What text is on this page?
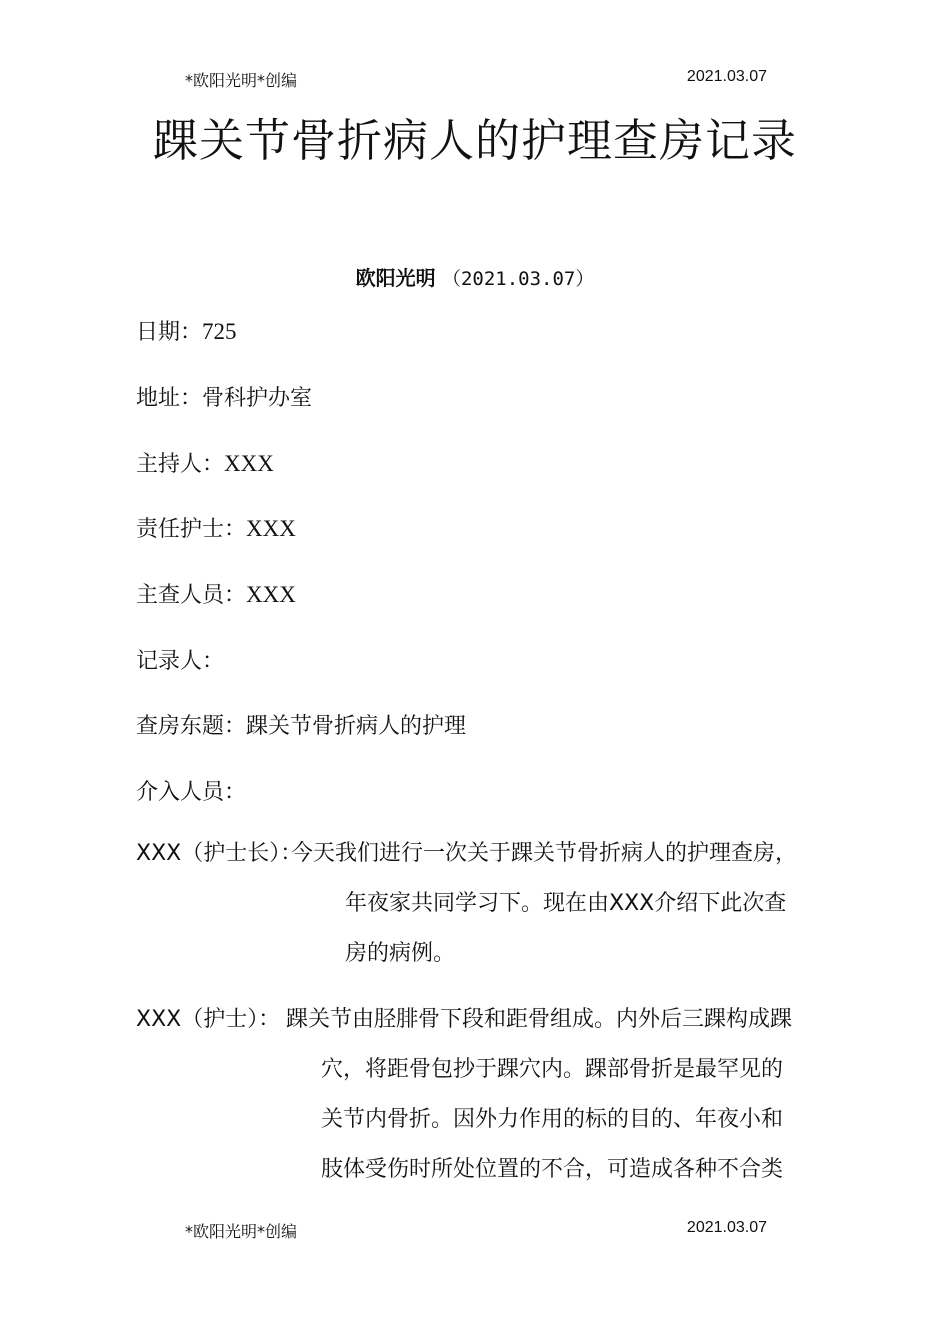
*欧阳光明*创编	2021.03.07
踝关节骨折病人的护理查房记录
欧阳光明 （2021.03.07）
日期：725
地址：骨科护办室
主持人：XXX
责任护士：XXX
主查人员：XXX
记录人：
查房东题：踝关节骨折病人的护理
介入人员：
XXX（护士长）：
今天我们进行一次关于踝关节骨折病人的护理查房，
年夜家共同学习下。现在由XXX介绍下此次查
房的病例。
XXX（护士）： 踝关节由胫腓骨下段和距骨组成。内外后三踝构成踝
穴，将距骨包抄于踝穴内。踝部骨折是最罕见的
关节内骨折。因外力作用的标的目的、年夜小和
肢体受伤时所处位置的不合，可造成各种不合类
*欧阳光明*创编	2021.03.07
